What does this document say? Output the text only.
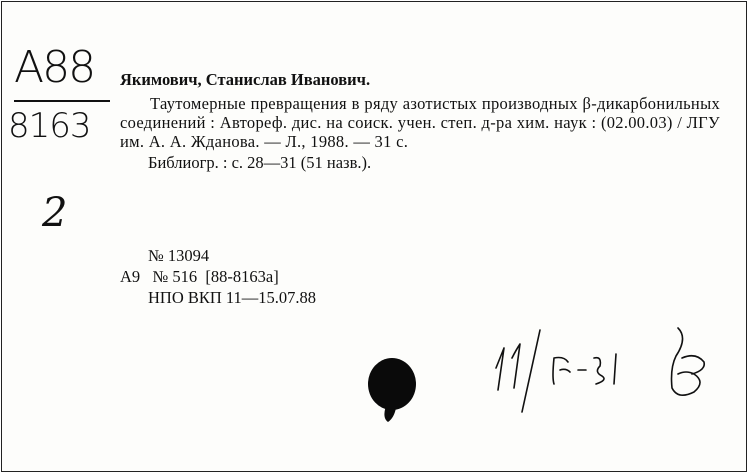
А88
8163
2

Якимович, Станислав Иванович.

Таутомерные превращения в ряду азотистых производных β-дикарбонильных соединений : Автореф. дис. на соиск. учен. степ. д-ра хим. наук : (02.00.03) / ЛГУ им. А. А. Жданова. — Л., 1988. — 31 с.

Библиогр. : с. 28—31 (51 назв.).

№ 13094
А9   № 516  [88-8163а]
НПО ВКП 11—15.07.88
